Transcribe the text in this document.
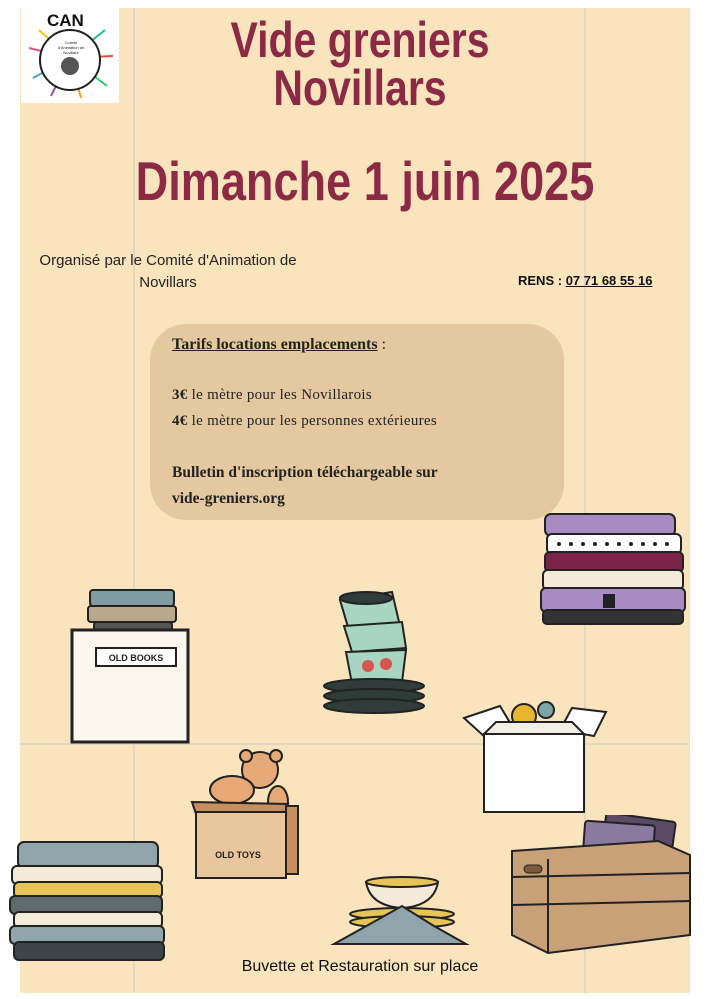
CAN
Comité d'Animation de Novillars	Vide greniers
Novillars
Dimanche 1 juin 2025
Organisé par le Comité d'Animation de
Novillars	RENS : 07 71 68 55 16
Tarifs locations emplacements :
3€ le mètre pour les Novillarois
4€ le mètre pour les personnes extérieures
Bulletin d'inscription téléchargeable sur
vide-greniers.org
OLD BOOKS
OLD TOYS
Buvette et Restauration sur place
